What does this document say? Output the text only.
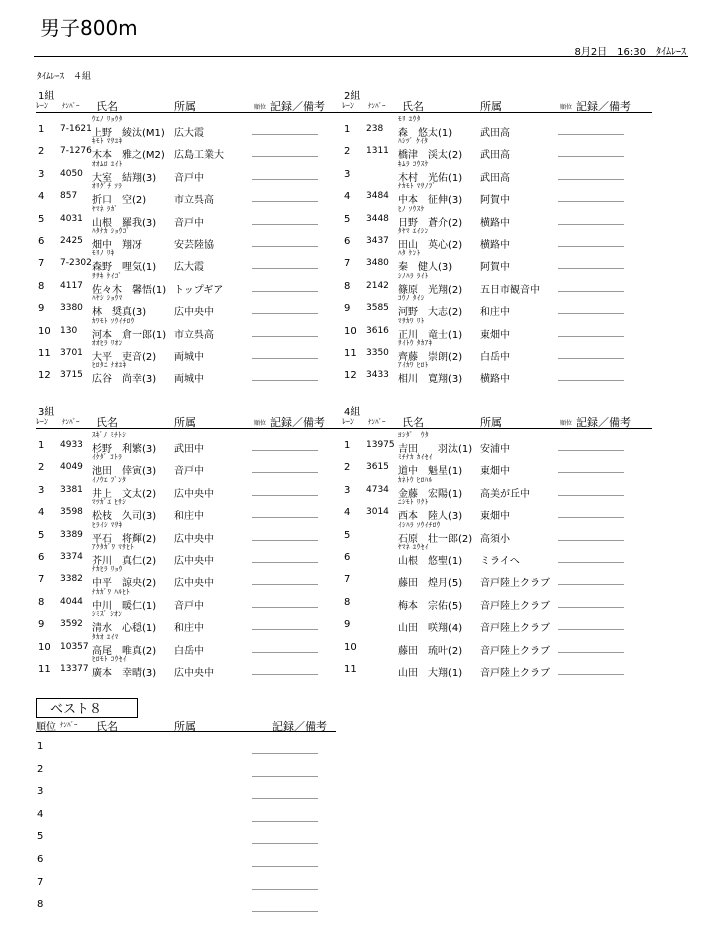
男子800m
8月2日　16:30　ﾀｲﾑﾚｰｽ
ﾀｲﾑﾚｰｽ　４組
1組
ﾚｰﾝ ﾅﾝﾊﾞｰ 氏名	所属	順位 記録／備考
ｳｴﾉ ﾘｮｳﾀ
1 7-1621 上野　綾汰(M1) 広大霞
ｷﾓﾄ ﾏｻﾕｷ
2 7-1276 木本　雅之(M2) 広島工業大
ｵｵﾑﾛ ﾕｲﾄ
3 4050 大室　結翔(3) 音戸中
ｵﾘｸﾞﾁ ｿﾗ
4 857 折口　空(2)	市立呉高
ﾔﾏﾈ ﾗｶﾞ
5 4031 山根　羅我(3) 音戸中
ﾊﾀﾅｶ ｼｮｳｺﾞ
6 2425 畑中　翔冴	安芸陸協
ﾓﾘﾉ ﾘｷ
7 7-2302 森野　哩気(1) 広大霞
ｻｻｷ ｹｲｺﾞ
8 4117 佐々木　馨悟(1) トップギア
ﾊﾔｼ ｼｮｳﾏ
9 3380 林　奨真(3)	広中央中
ｶﾜﾓﾄ ｿｳｲﾁﾛｳ
10 130 河本　倉一郎(1) 市立呉高
ｵｵﾋﾗ ﾘｵﾝ
11 3701 大平　吏音(2) 両城中
ﾋﾛﾀﾆ ﾅｵﾕｷ
12 3715 広谷　尚幸(3) 両城中
2組
ﾚｰﾝ ﾅﾝﾊﾞｰ 氏名	所属	順位 記録／備考
ﾓﾘ ﾕｳﾀ
1 238 森　悠太(1)	武田高
ﾊｼﾂﾞ ｹｲﾀ
2 1311 橋津　渓太(2) 武田高
ｷﾑﾗ ｺｳｽｹ
3	木村　光佑(1) 武田高
ﾅｶﾓﾄ ﾏｻﾉﾌﾞ
4 3484 中本　征伸(3) 阿賀中
ﾋﾉ ｿｳｽｹ
5 3448 日野　蒼介(2) 横路中
ﾀﾔﾏ ｴｲｼﾝ
6 3437 田山　英心(2) 横路中
ﾊﾀ ｹﾝﾄ
7 3480 秦　健人(3)	阿賀中
ｼﾉﾊﾗ ﾗｲﾄ
8 2142 篠原　光翔(2) 五日市観音中
ｺｳﾉ ﾀｲｼ
9 3585 河野　大志(2) 和庄中
ﾏｻｶﾜ ﾘﾄ
10 3616 正川　竜士(1) 東畑中
ｻｲﾄｳ ﾀｶｱｷ
11 3350 齊藤　崇朗(2) 白岳中
ｱｲｶﾜ ﾋﾛﾄ
12 3433 相川　寛翔(3) 横路中
3組
ﾚｰﾝ ﾅﾝﾊﾞｰ 氏名	所属	順位 記録／備考
ｽｷﾞﾉ ﾐﾁﾄｼ
1 4933 杉野　利繁(3) 武田中
ｲｹﾀﾞ ｺﾄﾗ
2 4049 池田　倖寅(3) 音戸中
ｲﾉｳｴ ﾌﾞﾝﾀ
3 3381 井上　文太(2) 広中央中
ﾏﾂｶﾞｴ ﾋｻｼ
4 3598 松枝　久司(3) 和庄中
ﾋﾗｲｼ ﾏｻｷ
5 3389 平石　将輝(2) 広中央中
ｱｸﾀｶﾞﾜ ﾏｻﾋﾄ
6 3374 芥川　真仁(2) 広中央中
ﾅｶﾋﾗ ﾘｮｳ
7 3382 中平　諒央(2) 広中央中
ﾅｶｶﾞﾜ ﾊﾙﾋﾄ
8 4044 中川　暖仁(1) 音戸中
ｼﾐｽﾞ ｼｵﾝ
9 3592 清水　心穏(1) 和庄中
ﾀｶｵ ﾕｲﾏ
10 10357 高尾　唯真(2) 白岳中
ﾋﾛﾓﾄ ｺｳｾｲ
11 13377 廣本　幸晴(3) 広中央中
4組
ﾚｰﾝ ﾅﾝﾊﾞｰ 氏名	所属	順位 記録／備考
ﾖｼﾀﾞ　ｳﾀ
1 13975 吉田　　羽汰(1) 安浦中
ﾐﾁﾅｶ ｶｲｾｲ
2 3615 道中　魁星(1) 東畑中
ｶﾈﾄｳ ﾋﾛﾊﾙ
3 4734 金藤　宏陽(1) 高美が丘中
ﾆｼﾓﾄ ﾘｸﾄ
4 3014 西本　陸人(3) 東畑中
ｲｼﾊﾗ ｿｳｲﾁﾛｳ
5	石原　壮一郎(2) 高須小
ﾔﾏﾈ ﾕｳｾｲ
6	山根　悠聖(1) ミライへ
7	藤田　煌月(5) 音戸陸上クラブ
8	梅本　宗佑(5) 音戸陸上クラブ
9	山田　咲翔(4) 音戸陸上クラブ
10	藤田　琉叶(2) 音戸陸上クラブ
11	山田　大翔(1) 音戸陸上クラブ
ベスト８
順位 ﾅﾝﾊﾞｰ 氏名	所属	記録／備考
1
2
3
4
5
6
7
8
